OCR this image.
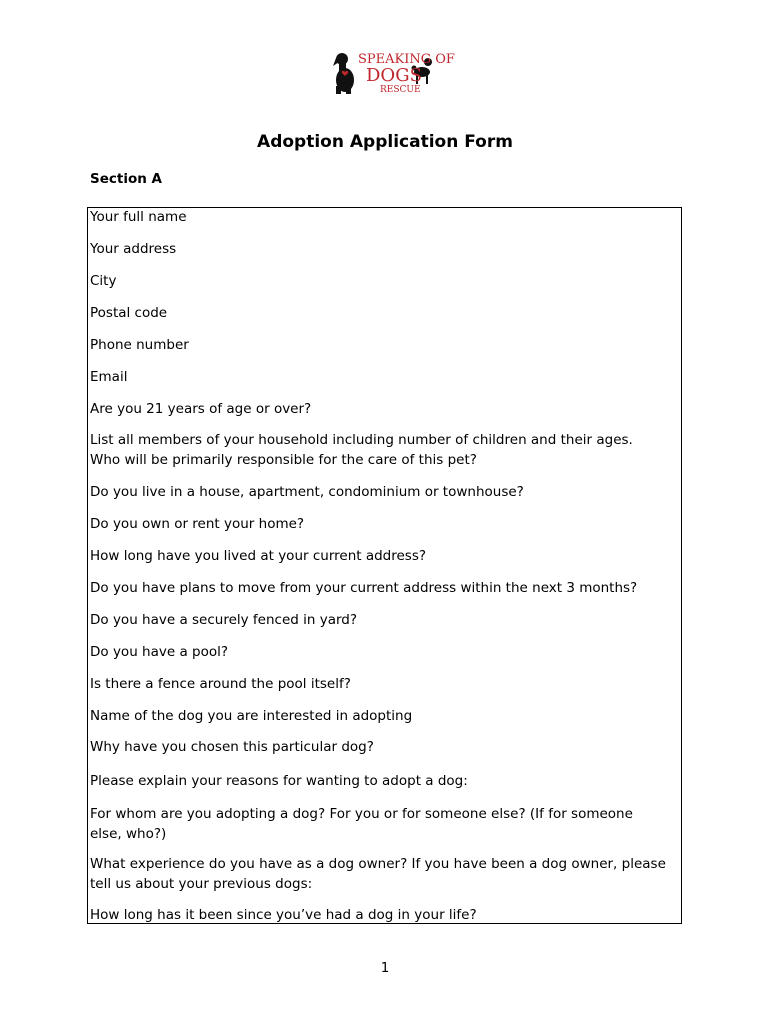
SPEAKING OF
DOGS
RESCUE
Adoption Application Form
Section A
Your full name
Your address
City
Postal code
Phone number
Email
Are you 21 years of age or over?
List all members of your household including number of children and their ages.
Who will be primarily responsible for the care of this pet?
Do you live in a house, apartment, condominium or townhouse?
Do you own or rent your home?
How long have you lived at your current address?
Do you have plans to move from your current address within the next 3 months?
Do you have a securely fenced in yard?
Do you have a pool?
Is there a fence around the pool itself?
Name of the dog you are interested in adopting
Why have you chosen this particular dog?
Please explain your reasons for wanting to adopt a dog:
For whom are you adopting a dog? For you or for someone else? (If for someone
else, who?)
What experience do you have as a dog owner? If you have been a dog owner, please
tell us about your previous dogs:
How long has it been since you’ve had a dog in your life?
1
